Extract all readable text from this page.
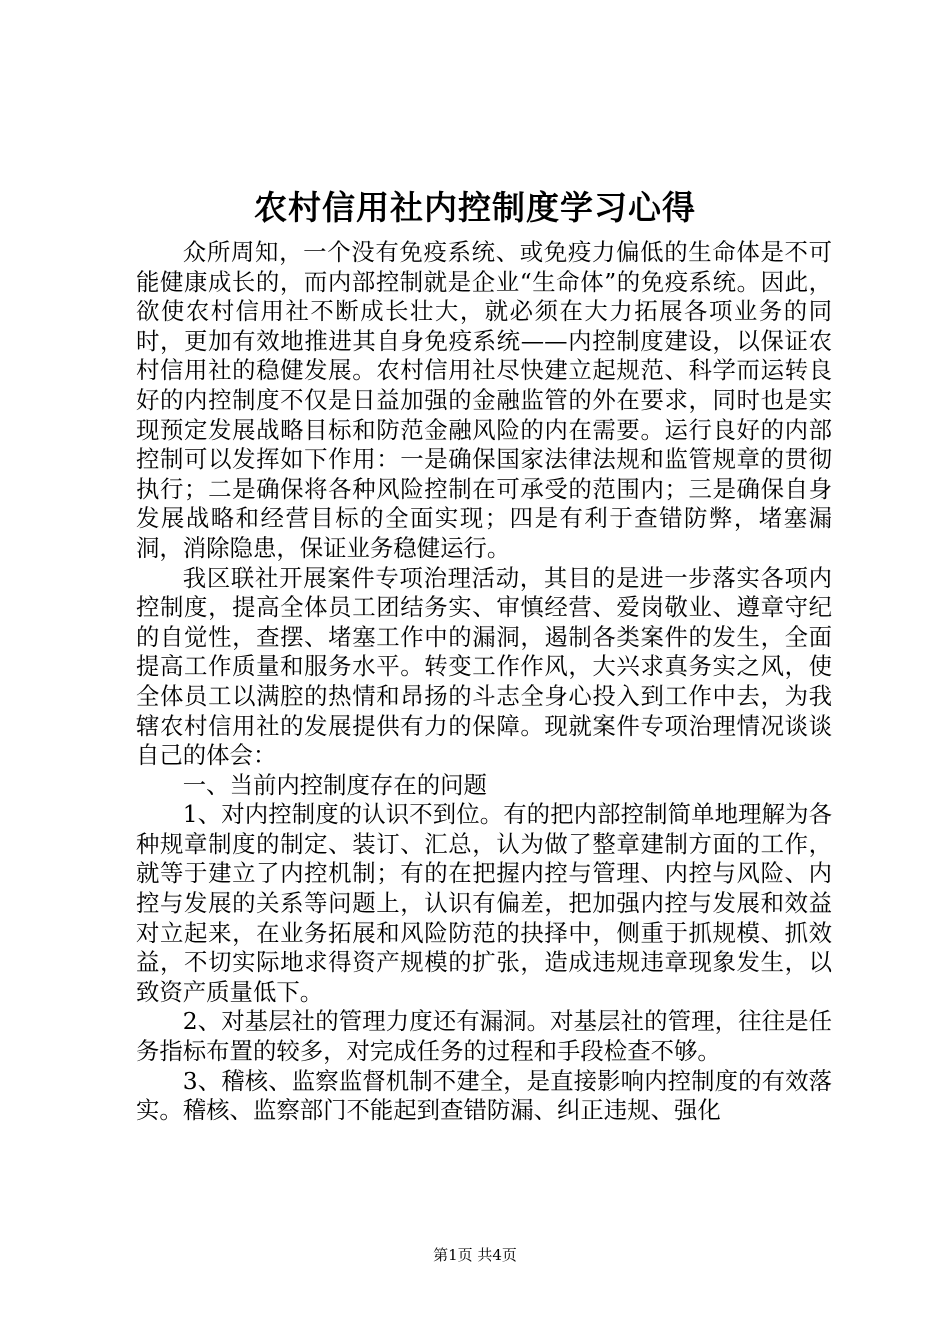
农村信用社内控制度学习心得

众所周知，一个没有免疫系统、或免疫力偏低的生命体是不可能健康成长的，而内部控制就是企业“生命体”的免疫系统。因此，欲使农村信用社不断成长壮大，就必须在大力拓展各项业务的同时，更加有效地推进其自身免疫系统——内控制度建设，以保证农村信用社的稳健发展。农村信用社尽快建立起规范、科学而运转良好的内控制度不仅是日益加强的金融监管的外在要求，同时也是实现预定发展战略目标和防范金融风险的内在需要。运行良好的内部控制可以发挥如下作用：一是确保国家法律法规和监管规章的贯彻执行；二是确保将各种风险控制在可承受的范围内；三是确保自身发展战略和经营目标的全面实现；四是有利于查错防弊，堵塞漏洞，消除隐患，保证业务稳健运行。

我区联社开展案件专项治理活动，其目的是进一步落实各项内控制度，提高全体员工团结务实、审慎经营、爱岗敬业、遵章守纪的自觉性，查摆、堵塞工作中的漏洞，遏制各类案件的发生，全面提高工作质量和服务水平。转变工作作风，大兴求真务实之风，使全体员工以满腔的热情和昂扬的斗志全身心投入到工作中去，为我辖农村信用社的发展提供有力的保障。现就案件专项治理情况谈谈自己的体会：

一、当前内控制度存在的问题

1、对内控制度的认识不到位。有的把内部控制简单地理解为各种规章制度的制定、装订、汇总，认为做了整章建制方面的工作，就等于建立了内控机制；有的在把握内控与管理、内控与风险、内控与发展的关系等问题上，认识有偏差，把加强内控与发展和效益对立起来，在业务拓展和风险防范的抉择中，侧重于抓规模、抓效益，不切实际地求得资产规模的扩张，造成违规违章现象发生，以致资产质量低下。

2、对基层社的管理力度还有漏洞。对基层社的管理，往往是任务指标布置的较多，对完成任务的过程和手段检查不够。

3、稽核、监察监督机制不建全，是直接影响内控制度的有效落实。稽核、监察部门不能起到查错防漏、纠正违规、强化

第1页 共4页
